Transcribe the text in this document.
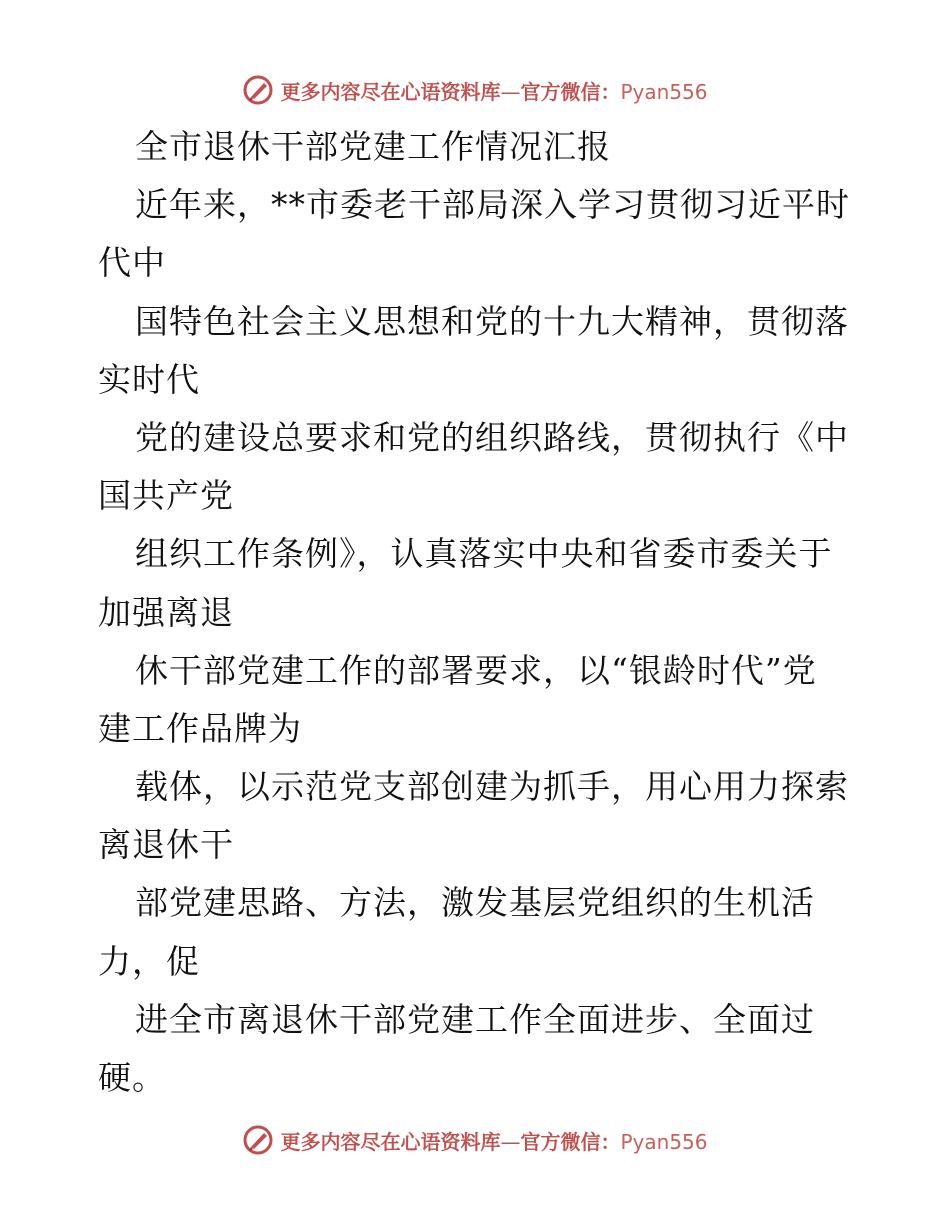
更多内容尽在心语资料库—官方微信：Pyan556
全市退休干部党建工作情况汇报
近年来，**市委老干部局深入学习贯彻习近平时
代中
国特色社会主义思想和党的十九大精神，贯彻落
实时代
党的建设总要求和党的组织路线，贯彻执行《中
国共产党
组织工作条例》，认真落实中央和省委市委关于
加强离退
休干部党建工作的部署要求，以“银龄时代”党
建工作品牌为
载体，以示范党支部创建为抓手，用心用力探索
离退休干
部党建思路、方法，激发基层党组织的生机活
力，促
进全市离退休干部党建工作全面进步、全面过
硬。
更多内容尽在心语资料库—官方微信：Pyan556
